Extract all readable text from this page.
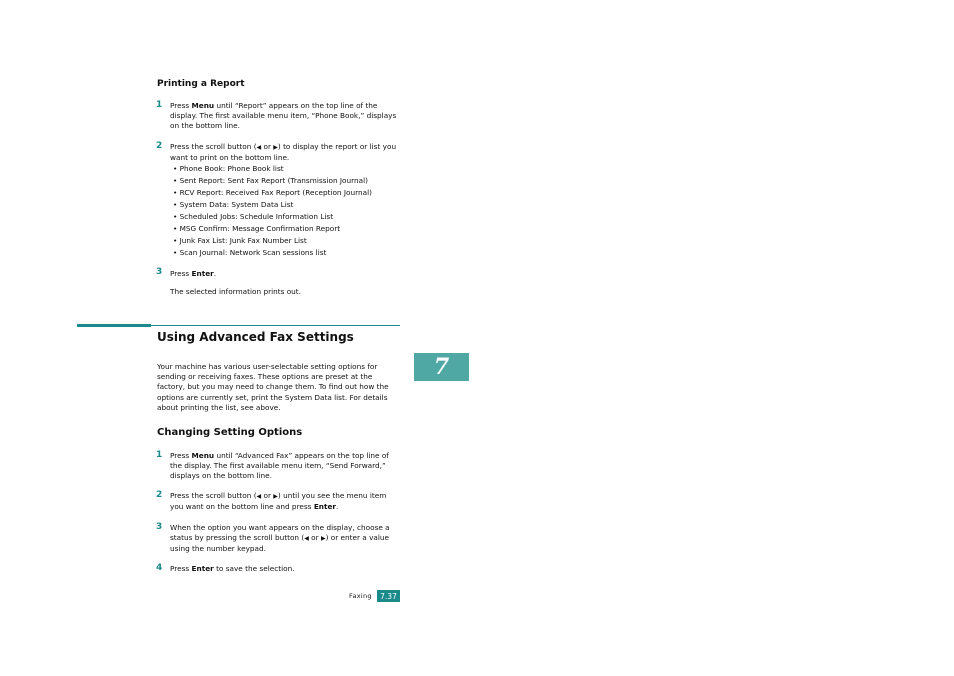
Printing a Report
1 Press Menu until “Report” appears on the top line of the display. The first available menu item, “Phone Book,” displays on the bottom line.
2 Press the scroll button (◀ or ▶) to display the report or list you want to print on the bottom line.
• Phone Book: Phone Book list
• Sent Report: Sent Fax Report (Transmission Journal)
• RCV Report: Received Fax Report (Reception Journal)
• System Data: System Data List
• Scheduled Jobs: Schedule Information List
• MSG Confirm: Message Confirmation Report
• Junk Fax List: Junk Fax Number List
• Scan Journal: Network Scan sessions list
3 Press Enter.
The selected information prints out.
Using Advanced Fax Settings
Your machine has various user-selectable setting options for sending or receiving faxes. These options are preset at the factory, but you may need to change them. To find out how the options are currently set, print the System Data list. For details about printing the list, see above.
7
Changing Setting Options
1 Press Menu until “Advanced Fax” appears on the top line of the display. The first available menu item, “Send Forward,” displays on the bottom line.
2 Press the scroll button (◀ or ▶) until you see the menu item you want on the bottom line and press Enter.
3 When the option you want appears on the display, choose a status by pressing the scroll button (◀ or ▶) or enter a value using the number keypad.
4 Press Enter to save the selection.
Faxing	7.37
